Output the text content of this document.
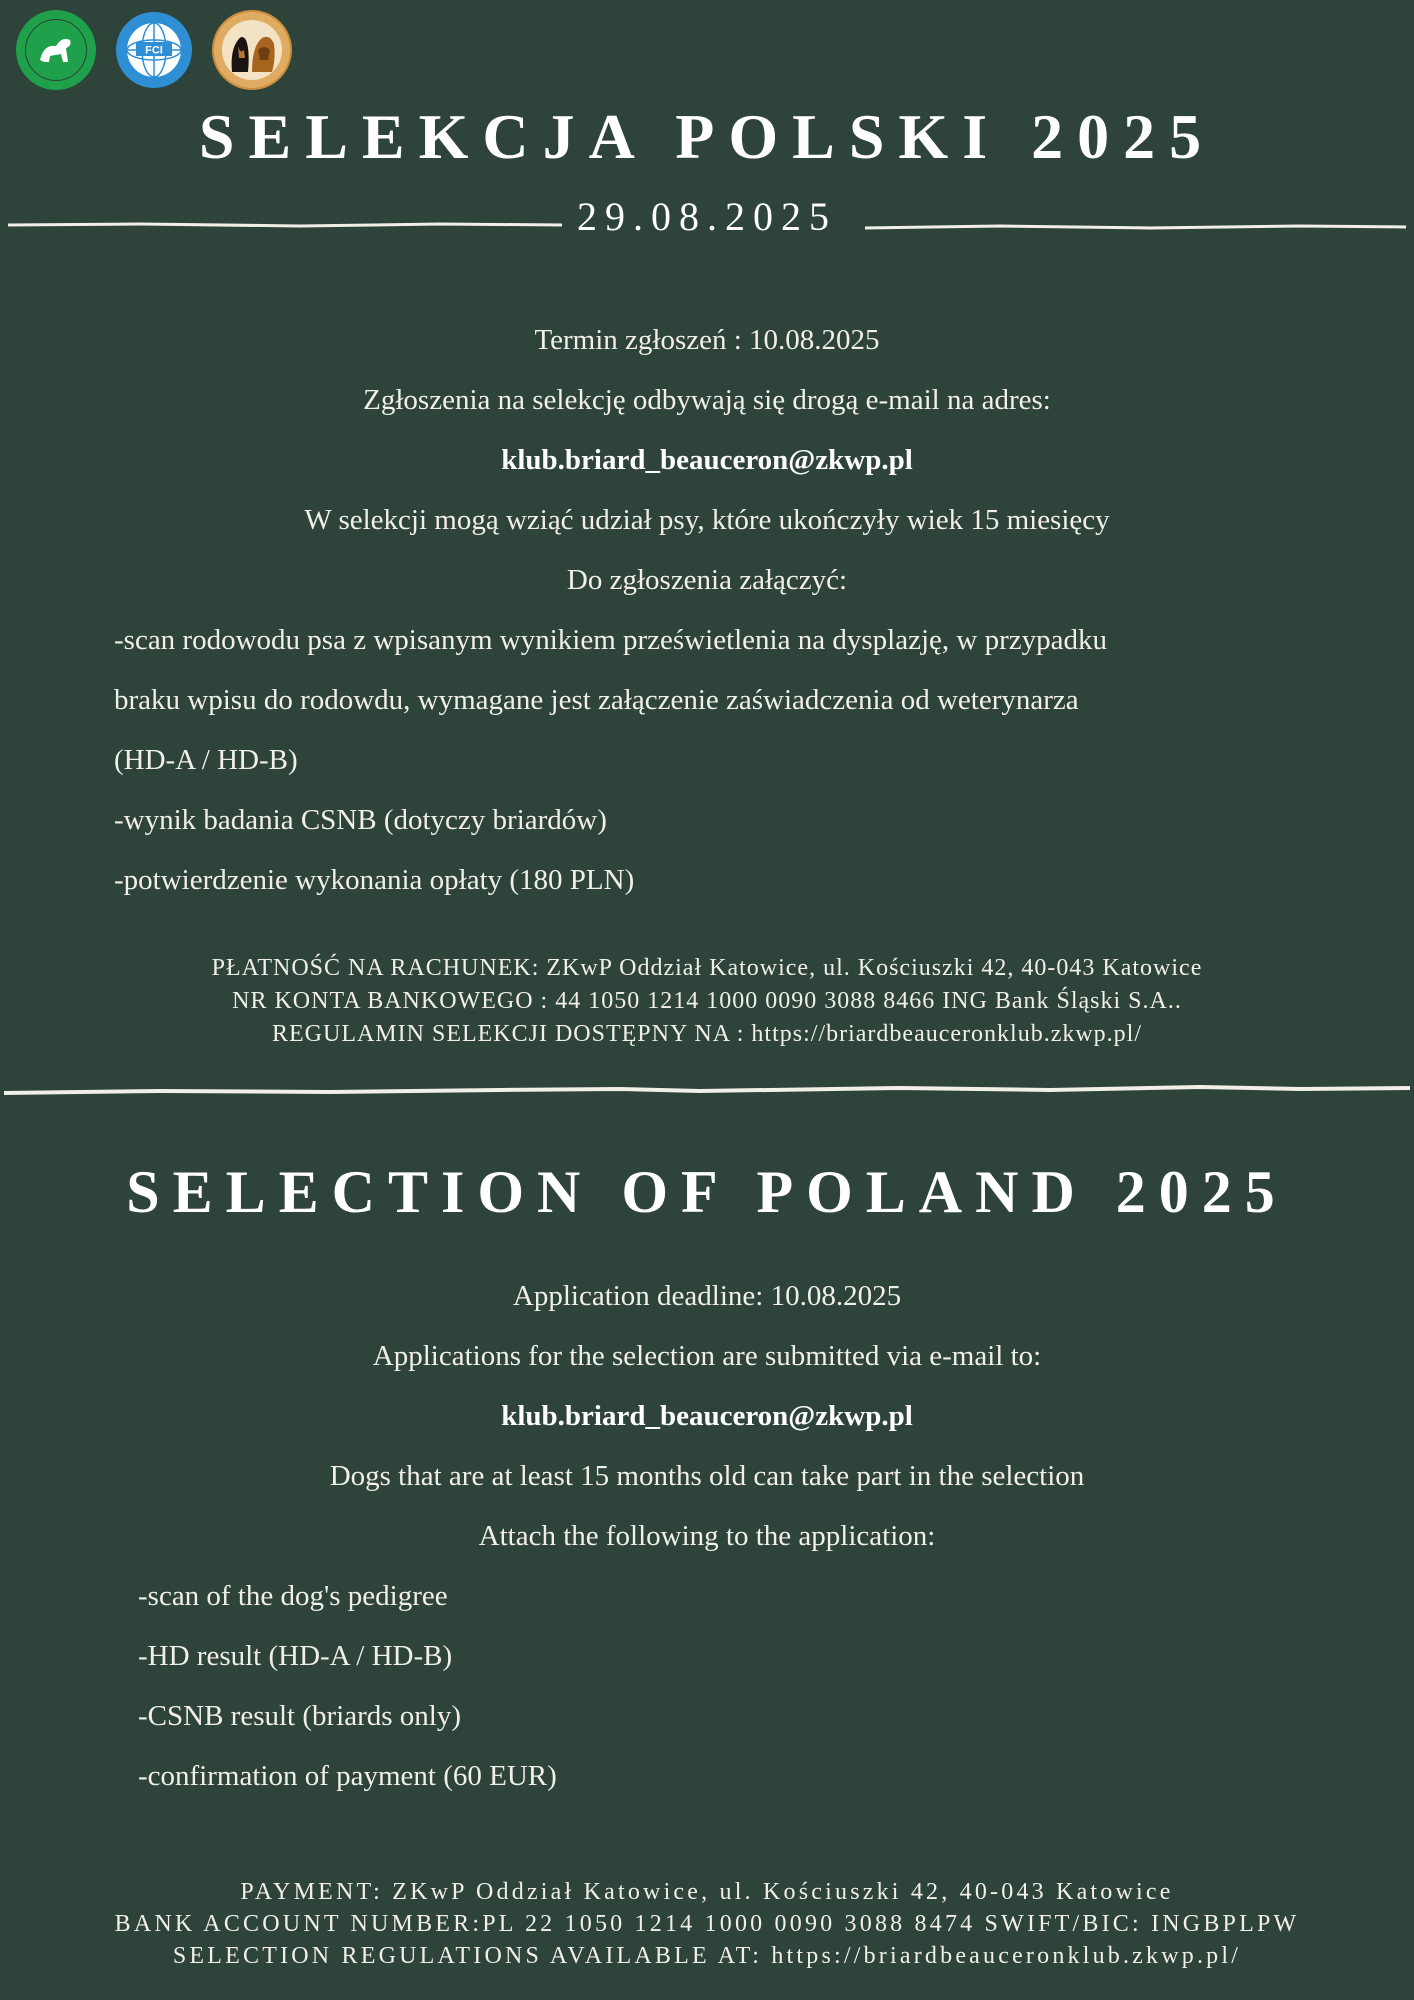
FCI
SELEKCJA POLSKI 2025
29.08.2025
Termin zgłoszeń : 10.08.2025
Zgłoszenia na selekcję odbywają się drogą e-mail na adres:
klub.briard_beauceron@zkwp.pl
W selekcji mogą wziąć udział psy, które ukończyły wiek 15 miesięcy
Do zgłoszenia załączyć:
-scan rodowodu psa z wpisanym wynikiem prześwietlenia na dysplazję, w przypadku
braku wpisu do rodowdu, wymagane jest załączenie zaświadczenia od weterynarza
(HD-A / HD-B)
-wynik badania CSNB (dotyczy briardów)
-potwierdzenie wykonania opłaty (180 PLN)
PŁATNOŚĆ NA RACHUNEK: ZKwP Oddział Katowice, ul. Kościuszki 42, 40-043 Katowice
NR KONTA BANKOWEGO : 44 1050 1214 1000 0090 3088 8466 ING Bank Śląski S.A..
REGULAMIN SELEKCJI DOSTĘPNY NA : https://briardbeauceronklub.zkwp.pl/
SELECTION OF POLAND 2025
Application deadline: 10.08.2025
Applications for the selection are submitted via e-mail to:
klub.briard_beauceron@zkwp.pl
Dogs that are at least 15 months old can take part in the selection
Attach the following to the application:
-scan of the dog's pedigree
-HD result (HD-A / HD-B)
-CSNB result (briards only)
-confirmation of payment (60 EUR)
PAYMENT: ZKwP Oddział Katowice, ul. Kościuszki 42, 40-043 Katowice
BANK ACCOUNT NUMBER:PL 22 1050 1214 1000 0090 3088 8474 SWIFT/BIC: INGBPLPW
SELECTION REGULATIONS AVAILABLE AT: https://briardbeauceronklub.zkwp.pl/
